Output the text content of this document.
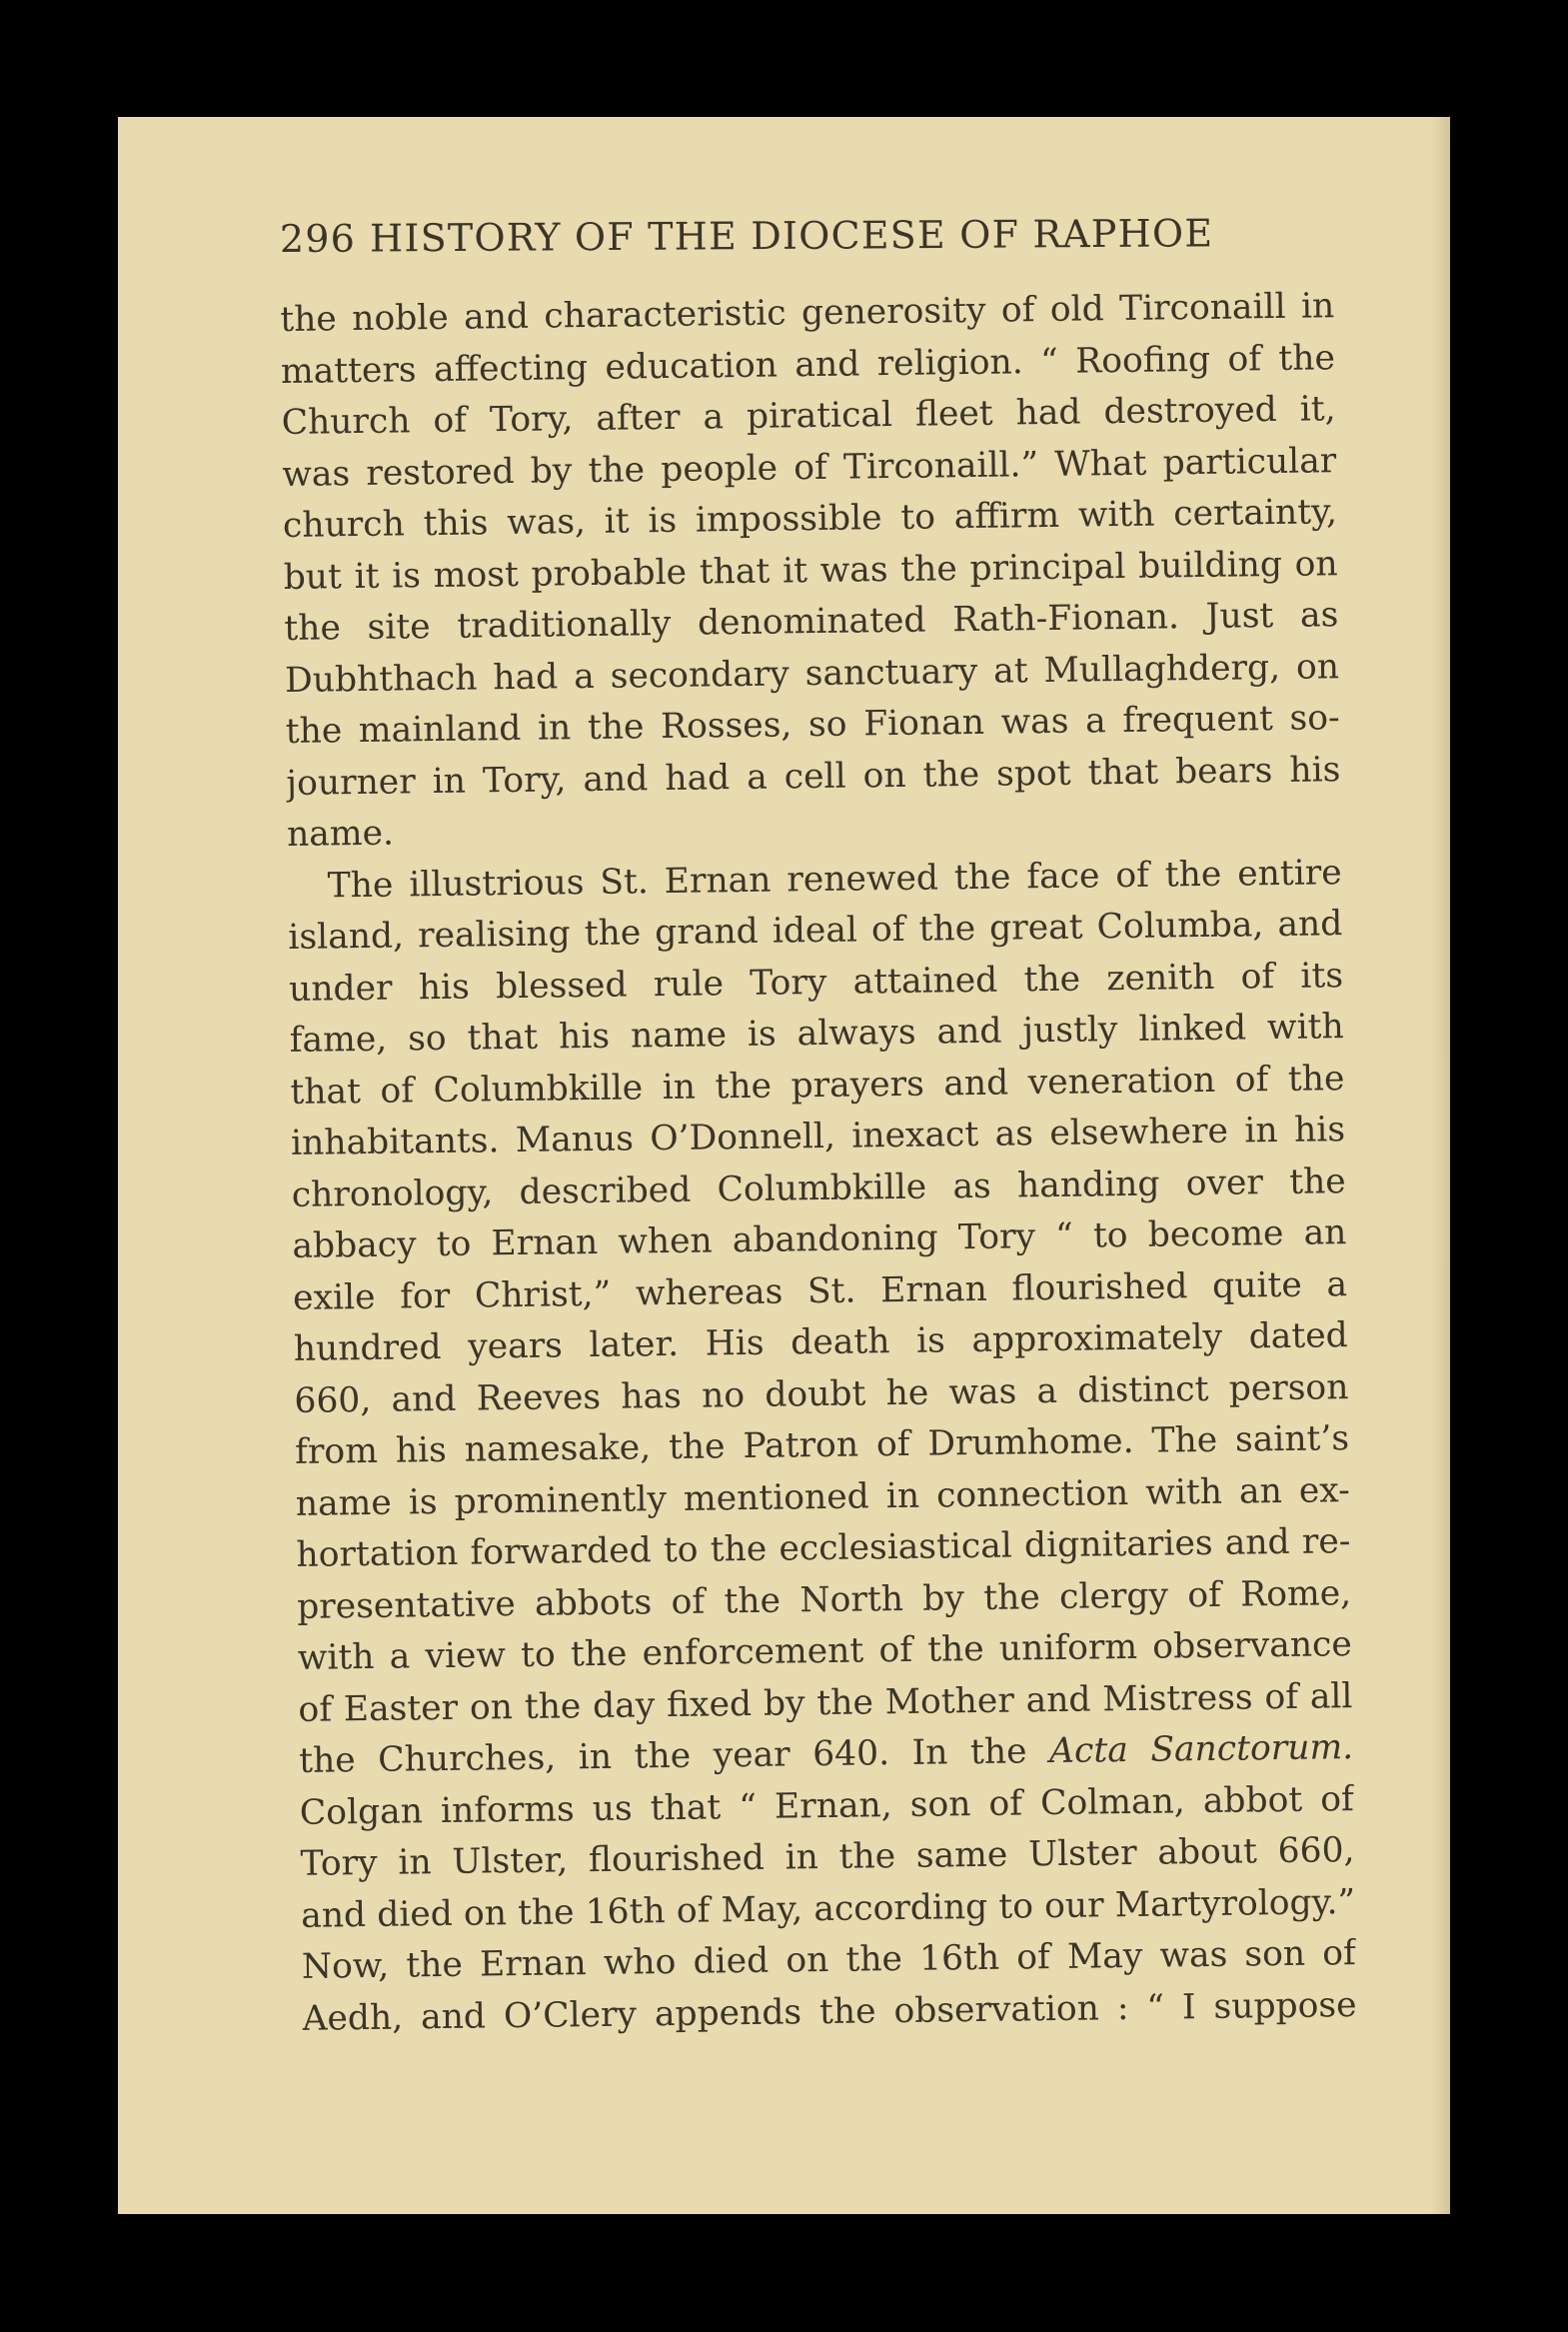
296 HISTORY OF THE DIOCESE OF RAPHOE
the noble and characteristic generosity of old Tirconaill in
matters affecting education and religion. “ Roofing of the
Church of Tory, after a piratical fleet had destroyed it,
was restored by the people of Tirconaill.” What particular
church this was, it is impossible to affirm with certainty,
but it is most probable that it was the principal building on
the site traditionally denominated Rath-Fionan. Just as
Dubhthach had a secondary sanctuary at Mullaghderg, on
the mainland in the Rosses, so Fionan was a frequent so-
journer in Tory, and had a cell on the spot that bears his
name.
The illustrious St. Ernan renewed the face of the entire
island, realising the grand ideal of the great Columba, and
under his blessed rule Tory attained the zenith of its
fame, so that his name is always and justly linked with
that of Columbkille in the prayers and veneration of the
inhabitants. Manus O’Donnell, inexact as elsewhere in his
chronology, described Columbkille as handing over the
abbacy to Ernan when abandoning Tory “ to become an
exile for Christ,” whereas St. Ernan flourished quite a
hundred years later. His death is approximately dated
660, and Reeves has no doubt he was a distinct person
from his namesake, the Patron of Drumhome. The saint’s
name is prominently mentioned in connection with an ex-
hortation forwarded to the ecclesiastical dignitaries and re-
presentative abbots of the North by the clergy of Rome,
with a view to the enforcement of the uniform observance
of Easter on the day fixed by the Mother and Mistress of all
the Churches, in the year 640. In the Acta Sanctorum.
Colgan informs us that “ Ernan, son of Colman, abbot of
Tory in Ulster, flourished in the same Ulster about 660,
and died on the 16th of May, according to our Martyrology.”
Now, the Ernan who died on the 16th of May was son of
Aedh, and O’Clery appends the observation : “ I suppose
